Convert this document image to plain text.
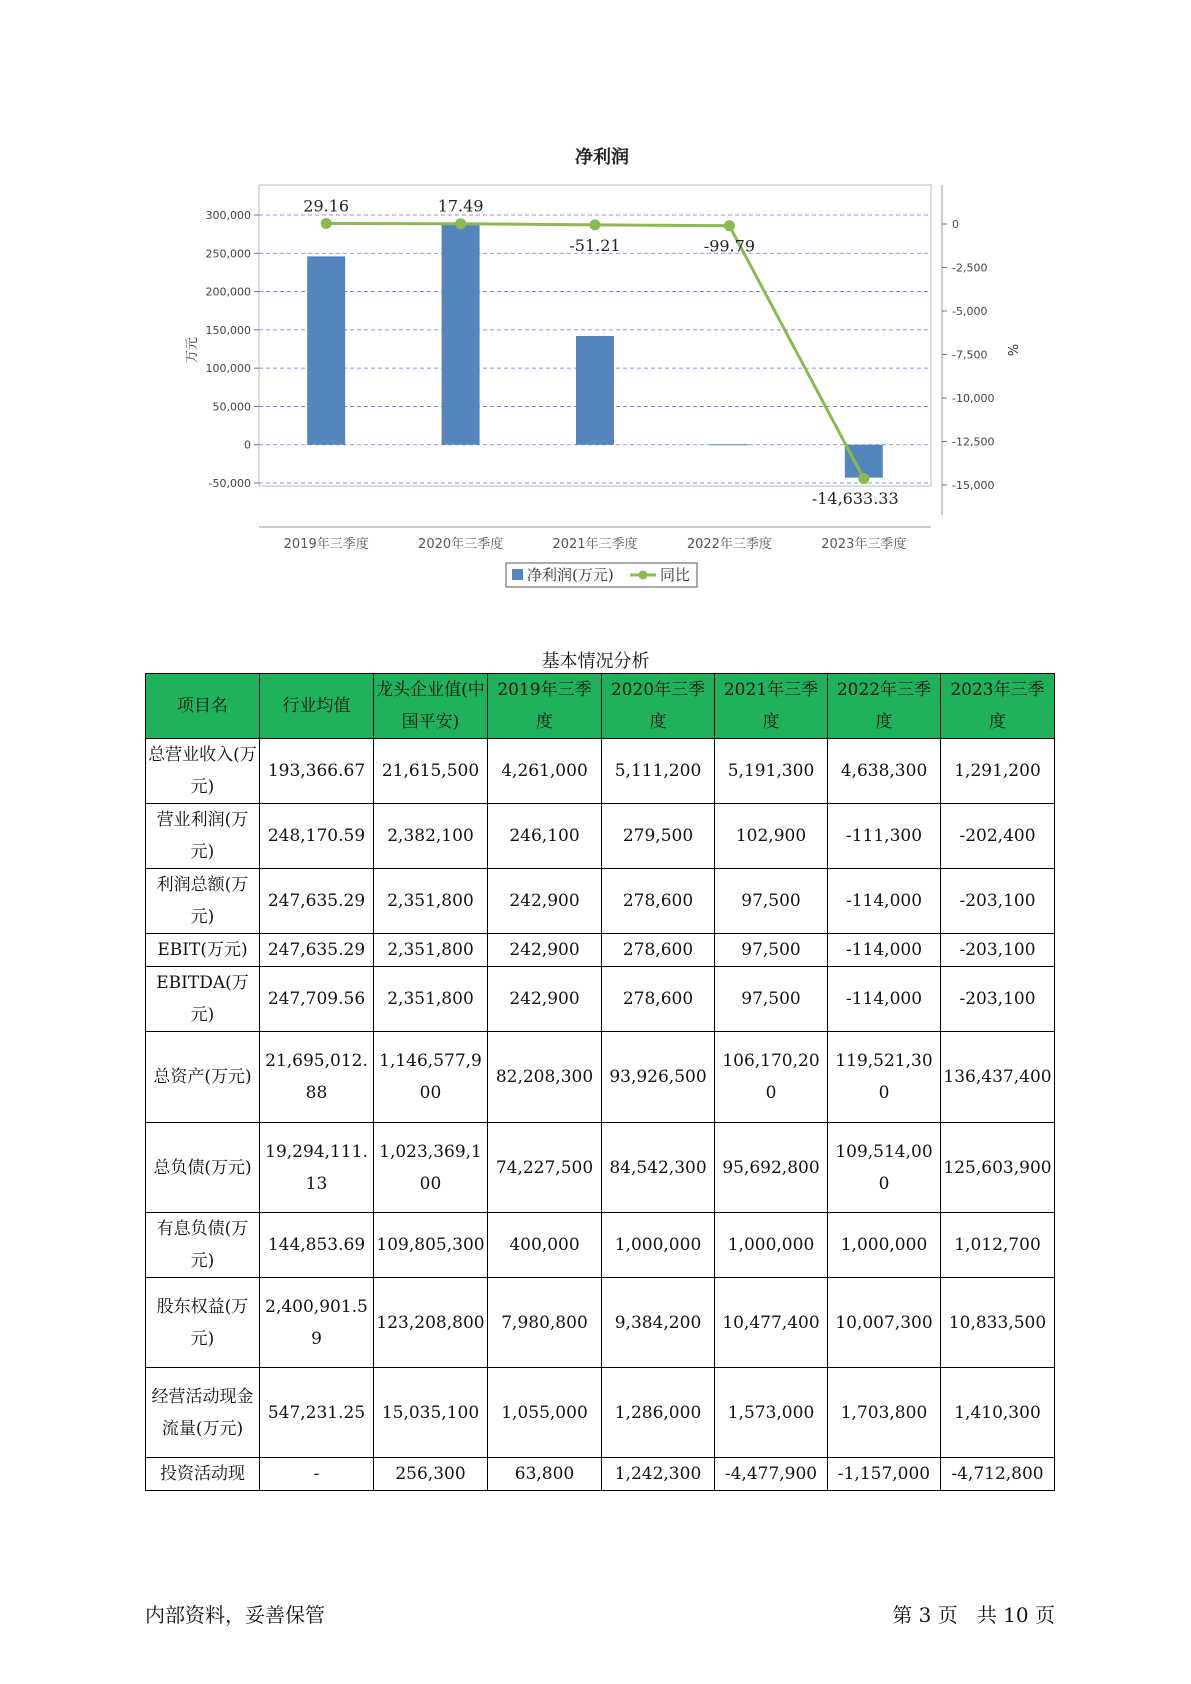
净利润
300,000
250,000
200,000
150,000
100,000
50,000
0
-50,000
0
-2,500
-5,000
-7,500
-10,000
-12,500
-15,000
万元	%
2019年三季度	2020年三季度	2021年三季度	2022年三季度	2023年三季度
29.16	17.49
-51.21	-99.79
-14,633.33
净利润(万元)	同比
基本情况分析
项目名	行业均值	龙头企业值(中国平安)	2019年三季度	2020年三季度	2021年三季度	2022年三季度	2023年三季度
总营业收入(万元)	193,366.67	21,615,500	4,261,000	5,111,200	5,191,300	4,638,300	1,291,200
营业利润(万元)	248,170.59	2,382,100	246,100	279,500	102,900	-111,300	-202,400
利润总额(万元)	247,635.29	2,351,800	242,900	278,600	97,500	-114,000	-203,100
EBIT(万元)	247,635.29	2,351,800	242,900	278,600	97,500	-114,000	-203,100
EBITDA(万元)	247,709.56	2,351,800	242,900	278,600	97,500	-114,000	-203,100
总资产(万元)	21,695,012.88	1,146,577,900	82,208,300	93,926,500	106,170,200	119,521,300	136,437,400
总负债(万元)	19,294,111.13	1,023,369,100	74,227,500	84,542,300	95,692,800	109,514,000	125,603,900
有息负债(万元)	144,853.69	109,805,300	400,000	1,000,000	1,000,000	1,000,000	1,012,700
股东权益(万元)	2,400,901.59	123,208,800	7,980,800	9,384,200	10,477,400	10,007,300	10,833,500
经营活动现金流量(万元)	547,231.25	15,035,100	1,055,000	1,286,000	1,573,000	1,703,800	1,410,300
投资活动现	-	256,300	63,800	1,242,300	-4,477,900	-1,157,000	-4,712,800
内部资料，妥善保管	第 3 页   共 10 页
